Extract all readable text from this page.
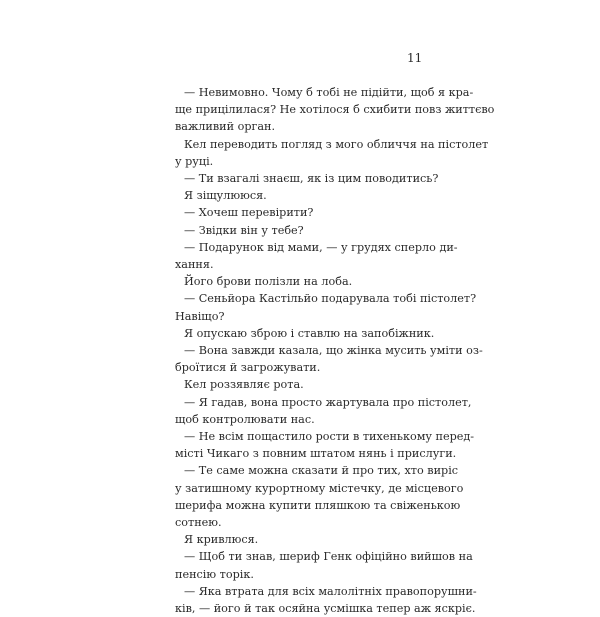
11
— Невимовно. Чому б тобі не підійти, щоб я кра-
ще прицілилася? Не хотілося б схибити повз життєво
важливий орган.
Кел переводить погляд з мого обличчя на пістолет
у руці.
— Ти взагалі знаєш, як із цим поводитись?
Я зіщулююся.
— Хочеш перевірити?
— Звідки він у тебе?
— Подарунок від мами, — у грудях сперло ди-
хання.
Його брови полізли на лоба.
— Сеньйора Кастільйо подарувала тобі пістолет?
Навіщо?
Я опускаю зброю і ставлю на запобіжник.
— Вона завжди казала, що жінка мусить уміти оз-
броїтися й загрожувати.
Кел роззявляє рота.
— Я гадав, вона просто жартувала про пістолет,
щоб контролювати нас.
— Не всім пощастило рости в тихенькому перед-
місті Чикаго з повним штатом нянь і прислуги.
— Те саме можна сказати й про тих, хто виріс
у затишному курортному містечку, де місцевого
шерифа можна купити пляшкою та свіженькою
сотнею.
Я кривлюся.
— Щоб ти знав, шериф Генк офіційно вийшов на
пенсію торік.
— Яка втрата для всіх малолітніх правопорушни-
ків, — його й так осяйна усмішка тепер аж яскріє.
